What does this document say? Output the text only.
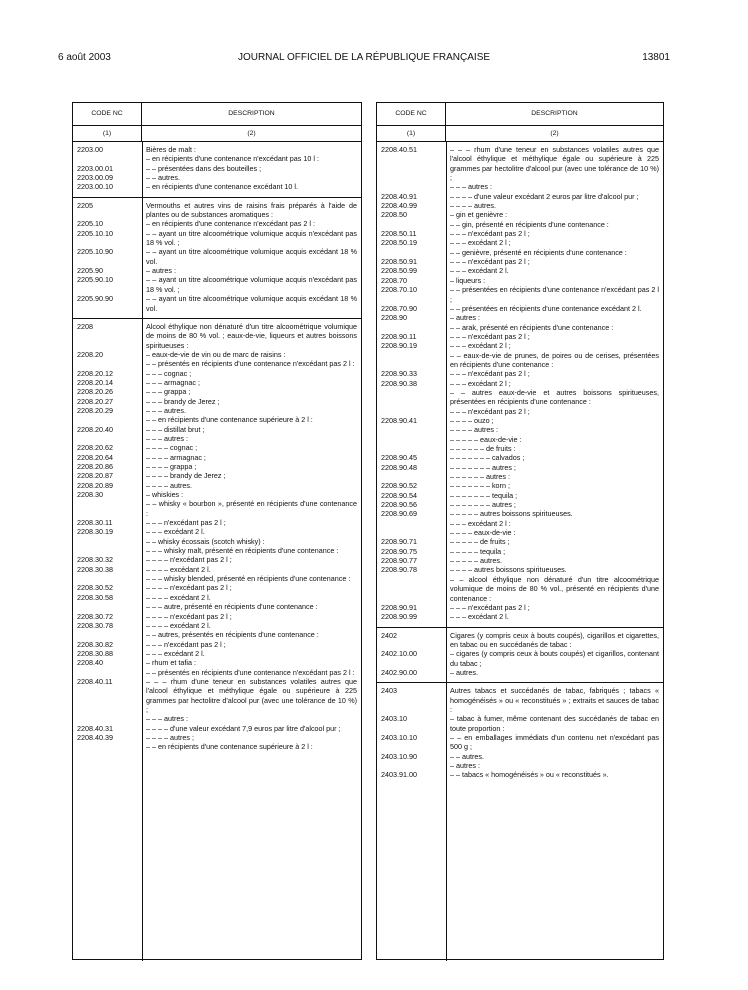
6 août 2003	JOURNAL OFFICIEL DE LA RÉPUBLIQUE FRANÇAISE	13801
CODE NC	DESCRIPTION
(1)	(2)
2203.00	Bières de malt :
– en récipients d'une contenance n'excédant pas 10 l :
2203.00.01	– – présentées dans des bouteilles ;
2203.00.09	– – autres.
2203.00.10	– en récipients d'une contenance excédant 10 l.
2205	Vermouths et autres vins de raisins frais préparés à l'aide de plantes ou de substances aromatiques :
2205.10	– en récipients d'une contenance n'excédant pas 2 l :
2205.10.10	– – ayant un titre alcoométrique volumique acquis n'excédant pas 18 % vol. ;
2205.10.90	– – ayant un titre alcoométrique volumique acquis excédant 18 % vol.
2205.90	– autres :
2205.90.10	– – ayant un titre alcoométrique volumique acquis n'excédant pas 18 % vol. ;
2205.90.90	– – ayant un titre alcoométrique volumique acquis excédant 18 % vol.
2208	Alcool éthylique non dénaturé d'un titre alcoométrique volumique de moins de 80 % vol. ; eaux-de-vie, liqueurs et autres boissons spiritueuses :
2208.20	– eaux-de-vie de vin ou de marc de raisins :
– – présentés en récipients d'une contenance n'excédant pas 2 l :
2208.20.12	– – – cognac ;
2208.20.14	– – – armagnac ;
2208.20.26	– – – grappa ;
2208.20.27	– – – brandy de Jerez ;
2208.20.29	– – – autres.
– – en récipients d'une contenance supérieure à 2 l :
2208.20.40	– – – distillat brut ;
– – – autres :
2208.20.62	– – – – cognac ;
2208.20.64	– – – – armagnac ;
2208.20.86	– – – – grappa ;
2208.20.87	– – – – brandy de Jerez ;
2208.20.89	– – – – autres.
2208.30	– whiskies :
– – whisky « bourbon », présenté en récipients d'une contenance :
2208.30.11	– – – n'excédant pas 2 l ;
2208.30.19	– – – excédant 2 l.
– – whisky écossais (scotch whisky) :
– – – whisky malt, présenté en récipients d'une contenance :
2208.30.32	– – – – n'excédant pas 2 l ;
2208.30.38	– – – – excédant 2 l.
– – – whisky blended, présenté en récipients d'une contenance :
2208.30.52	– – – – n'excédant pas 2 l ;
2208.30.58	– – – – excédant 2 l.
– – – autre, présenté en récipients d'une contenance :
2208.30.72	– – – – n'excédant pas 2 l ;
2208.30.78	– – – – excédant 2 l.
– – autres, présentés en récipients d'une contenance :
2208.30.82	– – – n'excédant pas 2 l ;
2208.30.88	– – – excédant 2 l.
2208.40	– rhum et tafia :
– – présentés en récipients d'une contenance n'excédant pas 2 l :
2208.40.11	– – – rhum d'une teneur en substances volatiles autres que l'alcool éthylique et méthylique égale ou supérieure à 225 grammes par hectolitre d'alcool pur (avec une tolérance de 10 %) ;
– – – autres :
2208.40.31	– – – – d'une valeur excédant 7,9 euros par litre d'alcool pur ;
2208.40.39	– – – – autres ;
– – en récipients d'une contenance supérieure à 2 l :
CODE NC	DESCRIPTION
(1)	(2)
2208.40.51	– – – rhum d'une teneur en substances volatiles autres que l'alcool éthylique et méthylique égale ou supérieure à 225 grammes par hectolitre d'alcool pur (avec une tolérance de 10 %) ;
– – – autres :
2208.40.91	– – – – d'une valeur excédant 2 euros par litre d'alcool pur ;
2208.40.99	– – – – autres.
2208.50	– gin et genièvre :
– – gin, présenté en récipients d'une contenance :
2208.50.11	– – – n'excédant pas 2 l ;
2208.50.19	– – – excédant 2 l ;
– – genièvre, présenté en récipients d'une contenance :
2208.50.91	– – – n'excédant pas 2 l ;
2208.50.99	– – – excédant 2 l.
2208.70	– liqueurs :
2208.70.10	– – présentées en récipients d'une contenance n'excédant pas 2 l ;
2208.70.90	– – présentées en récipients d'une contenance excédant 2 l.
2208.90	– autres :
– – arak, présenté en récipients d'une contenance :
2208.90.11	– – – n'excédant pas 2 l ;
2208.90.19	– – – excédant 2 l ;
– – eaux-de-vie de prunes, de poires ou de cerises, présentées en récipients d'une contenance :
2208.90.33	– – – n'excédant pas 2 l ;
2208.90.38	– – – excédant 2 l ;
– – autres eaux-de-vie et autres boissons spiritueuses, présentées en récipients d'une contenance :
– – – n'excédant pas 2 l ;
2208.90.41	– – – – ouzo ;
– – – – autres :
– – – – – eaux-de-vie :
– – – – – – de fruits :
2208.90.45	– – – – – – – calvados ;
2208.90.48	– – – – – – – autres ;
– – – – – – autres :
2208.90.52	– – – – – – – korn ;
2208.90.54	– – – – – – – tequila ;
2208.90.56	– – – – – – – autres ;
2208.90.69	– – – – – autres boissons spiritueuses.
– – – excédant 2 l :
– – – – eaux-de-vie :
2208.90.71	– – – – – de fruits ;
2208.90.75	– – – – – tequila ;
2208.90.77	– – – – – autres.
2208.90.78	– – – – autres boissons spiritueuses.
– – alcool éthylique non dénaturé d'un titre alcoométrique volumique de moins de 80 % vol., présenté en récipients d'une contenance :
2208.90.91	– – – n'excédant pas 2 l ;
2208.90.99	– – – excédant 2 l.
2402	Cigares (y compris ceux à bouts coupés), cigarillos et cigarettes, en tabac ou en succédanés de tabac :
2402.10.00	– cigares (y compris ceux à bouts coupés) et cigarillos, contenant du tabac ;
2402.90.00	– autres.
2403	Autres tabacs et succédanés de tabac, fabriqués ; tabacs « homogénéisés » ou « reconstitués » ; extraits et sauces de tabac :
2403.10	– tabac à fumer, même contenant des succédanés de tabac en toute proportion :
2403.10.10	– – en emballages immédiats d'un contenu net n'excédant pas 500 g ;
2403.10.90	– – autres.
– autres :
2403.91.00	– – tabacs « homogénéisés » ou « reconstitués ».
